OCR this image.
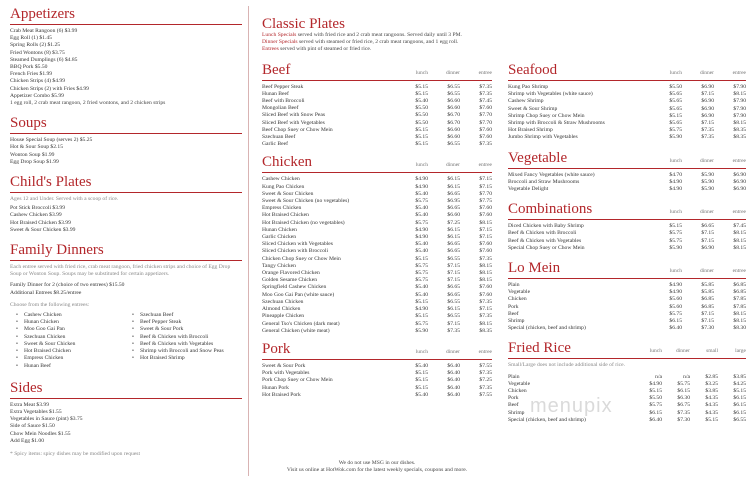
Appetizers
Crab Meat Rangoon (6) $3.99
Egg Roll (1) $1.45
Spring Rolls (2) $1.25
Fried Wontons (8) $3.75
Steamed Dumplings (6) $4.85
BBQ Pork $5.50
French Fries $1.99
Chicken Strips (4) $4.99
Chicken Strips (2) with Fries $4.99
Appetizer Combo $5.99
1 egg roll, 2 crab meat rangoon, 2 fried wontons, and 2 chicken strips
Soups
House Special Soup (serves 2) $5.25
Hot & Sour Soup $2.15
Wonton Soup $1.99
Egg Drop Soup $1.99
Child's Plates
Ages 12 and Under. Served with a scoop of rice.
Pot Stick Broccoli $3.99
Cashew Chicken $3.99
Hot Braised Chicken $3.99
Sweet & Sour Chicken $3.99
Family Dinners
Each entree served with fried rice, crab meat rangoon, fried chicken strips and choice of Egg Drop Soup or Wonton Soup. Soups may be substituted for certain appetizers.
Family Dinner for 2 (choice of two entrees) $15.50
Additional Entrees $8.25/entree
Choose from the following entrees:
• Cashew Chicken
• Hunan Chicken
• Moo Goo Gai Pan
• Szechuan Chicken
• Sweet & Sour Chicken
• Hot Braised Chicken
• Empress Chicken
• Hunan Beef
• Szechuan Beef
• Beef Pepper Steak
• Sweet & Sour Pork
• Beef & Chicken with Broccoli
• Beef & Chicken with Vegetables
• Shrimp with Broccoli and Snow Peas
• Hot Braised Shrimp
Sides
Extra Meat $3.99
Extra Vegetables $1.55
Vegetables in Sauce (pint) $3.75
Side of Sauce $1.50
Chow Mein Noodles $1.55
Add Egg $1.00
* Spicy items: spicy dishes may be modified upon request
Classic Plates
Lunch Specials served with fried rice and 2 crab meat rangoons. Served daily until 3 PM.
Dinner Specials served with steamed or fried rice, 2 crab meat rangoons, and 1 egg roll.
Entrees served with pint of steamed or fried rice.
Beef	lunch	dinner	entree
Beef Pepper Steak	$5.15	$6.55	$7.35
Hunan Beef	$5.15	$6.55	$7.35
Beef with Broccoli	$5.40	$6.60	$7.45
Mongolian Beef	$5.50	$6.60	$7.60
Sliced Beef with Snow Peas	$5.50	$6.70	$7.70
Sliced Beef with Vegetables	$5.50	$6.70	$7.70
Beef Chop Suey or Chow Mein	$5.15	$6.60	$7.60
Szechuan Beef	$5.15	$6.60	$7.60
Garlic Beef	$5.15	$6.55	$7.35
Chicken	lunch	dinner	entree
Cashew Chicken	$4.90	$6.15	$7.15
Kung Pao Chicken	$4.90	$6.15	$7.15
Sweet & Sour Chicken	$5.40	$6.65	$7.70
Sweet & Sour Chicken (no vegetables)	$5.75	$6.95	$7.75
Empress Chicken	$5.40	$6.65	$7.60
Hot Braised Chicken	$5.40	$6.60	$7.60
Hot Braised Chicken (no vegetables)	$5.75	$7.25	$8.15
Hunan Chicken	$4.90	$6.15	$7.15
Garlic Chicken	$4.90	$6.15	$7.15
Sliced Chicken with Vegetables	$5.40	$6.65	$7.60
Sliced Chicken with Broccoli	$5.40	$6.65	$7.60
Chicken Chop Suey or Chow Mein	$5.15	$6.55	$7.35
Tangy Chicken	$5.75	$7.15	$8.15
Orange Flavored Chicken	$5.75	$7.15	$8.15
Golden Sesame Chicken	$5.75	$7.15	$8.15
Springfield Cashew Chicken	$5.40	$6.65	$7.60
Moo Goo Gai Pan (white sauce)	$5.40	$6.65	$7.60
Szechuan Chicken	$5.15	$6.55	$7.35
Almond Chicken	$4.90	$6.15	$7.15
Pineapple Chicken	$5.15	$6.55	$7.35
General Tso's Chicken (dark meat)	$5.75	$7.15	$8.15
General Chicken (white meat)	$5.90	$7.35	$8.35
Pork	lunch	dinner	entree
Sweet & Sour Pork	$5.40	$6.40	$7.55
Pork with Vegetables	$5.15	$6.40	$7.35
Pork Chop Suey or Chow Mein	$5.15	$6.40	$7.25
Hunan Pork	$5.15	$6.40	$7.35
Hot Braised Pork	$5.40	$6.40	$7.55
We do not use MSG in our dishes.
Visit us online at HotWok.com for the latest weekly specials, coupons and more.
Seafood	lunch	dinner	entree
Kung Pao Shrimp	$5.50	$6.90	$7.90
Shrimp with Vegetables (white sauce)	$5.65	$7.15	$8.15
Cashew Shrimp	$5.65	$6.90	$7.90
Sweet & Sour Shrimp	$5.65	$6.90	$7.90
Shrimp Chop Suey or Chow Mein	$5.15	$6.90	$7.90
Shrimp with Broccoli & Straw Mushrooms	$5.65	$7.15	$8.15
Hot Braised Shrimp	$5.75	$7.35	$8.35
Jumbo Shrimp with Vegetables	$5.90	$7.35	$8.35
Vegetable	lunch	dinner	entree
Mixed Fancy Vegetables (white sauce)	$4.70	$5.90	$6.90
Broccoli and Straw Mushrooms	$4.90	$5.90	$6.90
Vegetable Delight	$4.90	$5.90	$6.90
Combinations	lunch	dinner	entree
Diced Chicken with Baby Shrimp	$5.15	$6.65	$7.45
Beef & Chicken with Broccoli	$5.75	$7.15	$8.15
Beef & Chicken with Vegetables	$5.75	$7.15	$8.15
Special Chop Suey or Chow Mein	$5.90	$6.90	$8.15
Lo Mein	lunch	dinner	entree
Plain	$4.90	$5.85	$6.85
Vegetable	$4.90	$5.85	$6.85
Chicken	$5.60	$6.85	$7.85
Pork	$5.60	$6.85	$7.85
Beef	$5.75	$7.15	$8.15
Shrimp	$6.15	$7.15	$8.15
Special (chicken, beef and shrimp)	$6.40	$7.30	$8.30
Fried Rice	lunch	dinner	small	large
Small/Large does not include additional side of rice.
Plain	n/a	n/a	$2.85	$3.85
Vegetable	$4.90	$5.75	$3.25	$4.25
Chicken	$5.15	$6.15	$3.85	$5.15
Pork	$5.50	$6.30	$4.35	$6.15
Beef	$5.75	$6.75	$4.35	$6.15
Shrimp	$6.15	$7.35	$4.35	$6.15
Special (chicken, beef and shrimp)	$6.40	$7.30	$5.15	$6.55
menupix
